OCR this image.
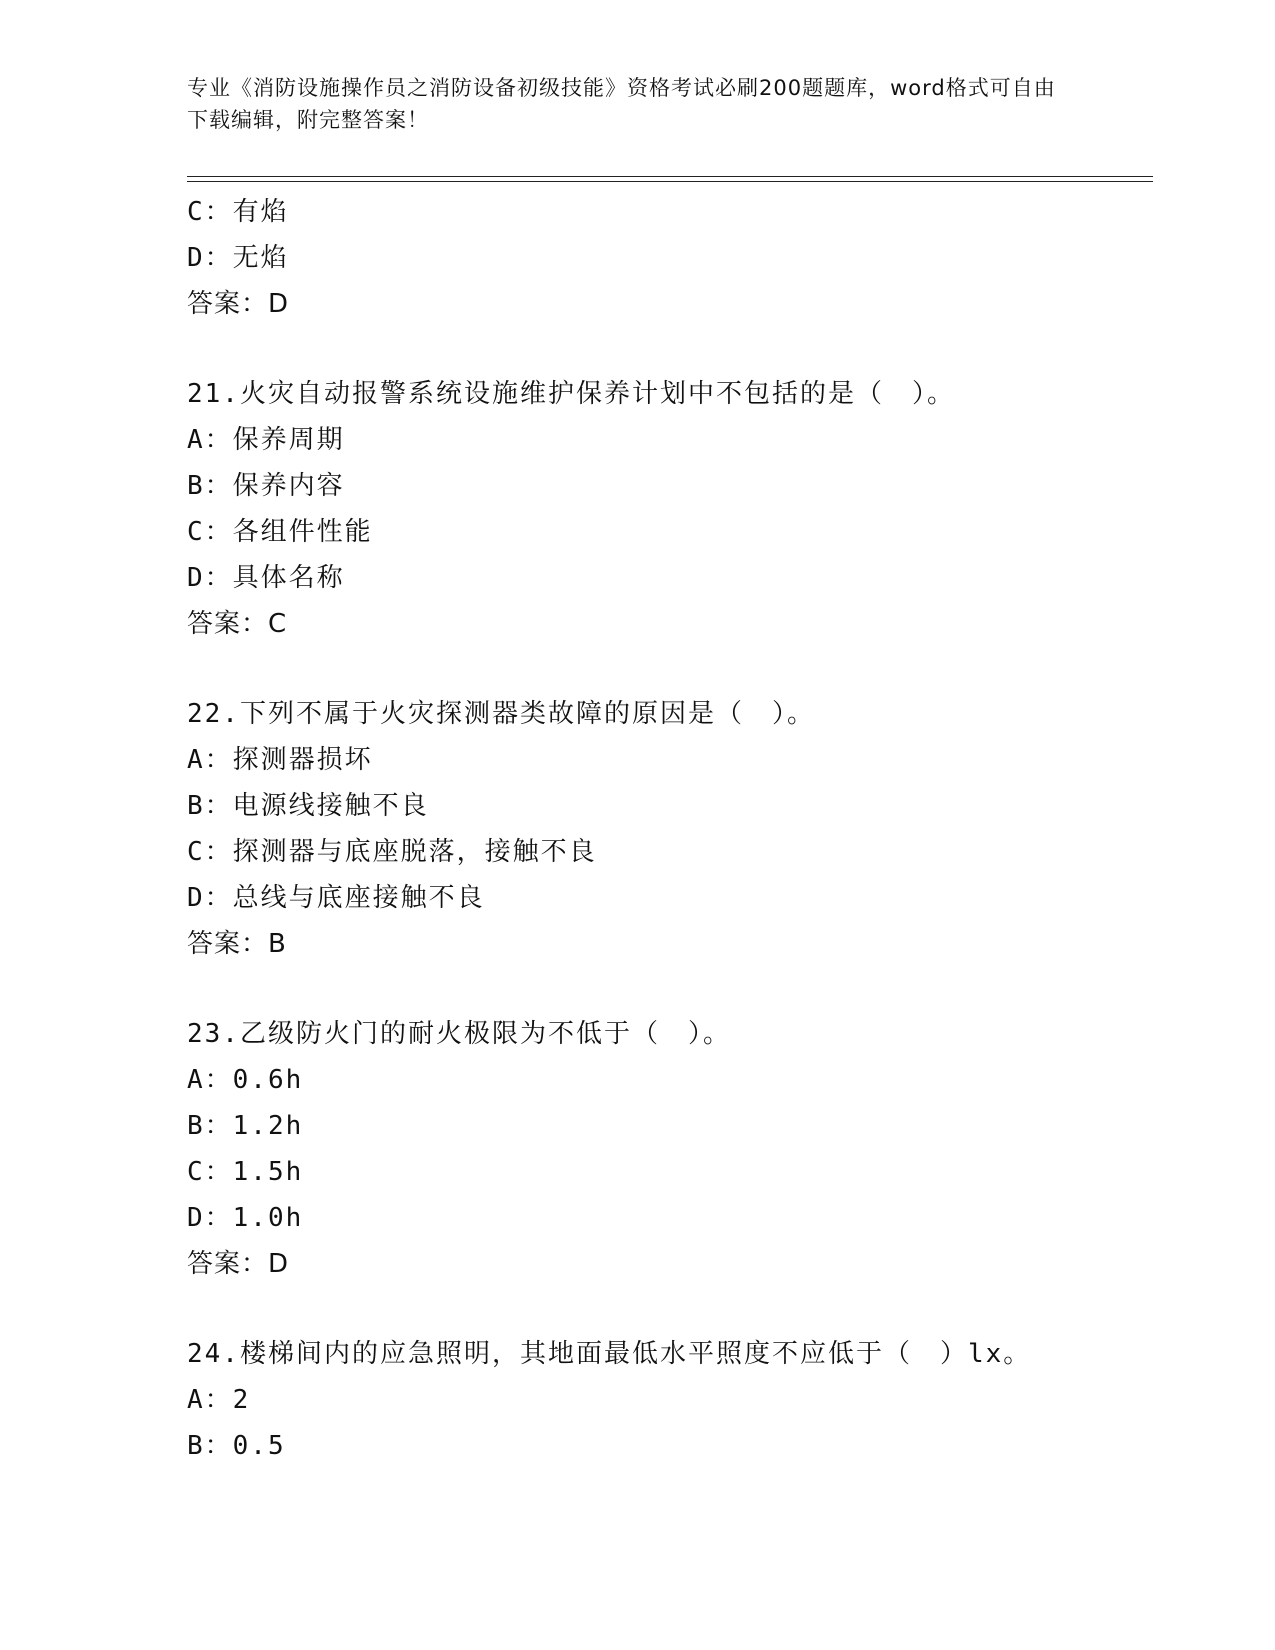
专业《消防设施操作员之消防设备初级技能》资格考试必刷200题题库，word格式可自由下载编辑，附完整答案！
C：有焰
D：无焰
答案：D
21.火灾自动报警系统设施维护保养计划中不包括的是（　）。
A：保养周期
B：保养内容
C：各组件性能
D：具体名称
答案：C
22.下列不属于火灾探测器类故障的原因是（　）。
A：探测器损坏
B：电源线接触不良
C：探测器与底座脱落，接触不良
D：总线与底座接触不良
答案：B
23.乙级防火门的耐火极限为不低于（　）。
A：0.6h
B：1.2h
C：1.5h
D：1.0h
答案：D
24.楼梯间内的应急照明，其地面最低水平照度不应低于（　）lx。
A：2
B：0.5
